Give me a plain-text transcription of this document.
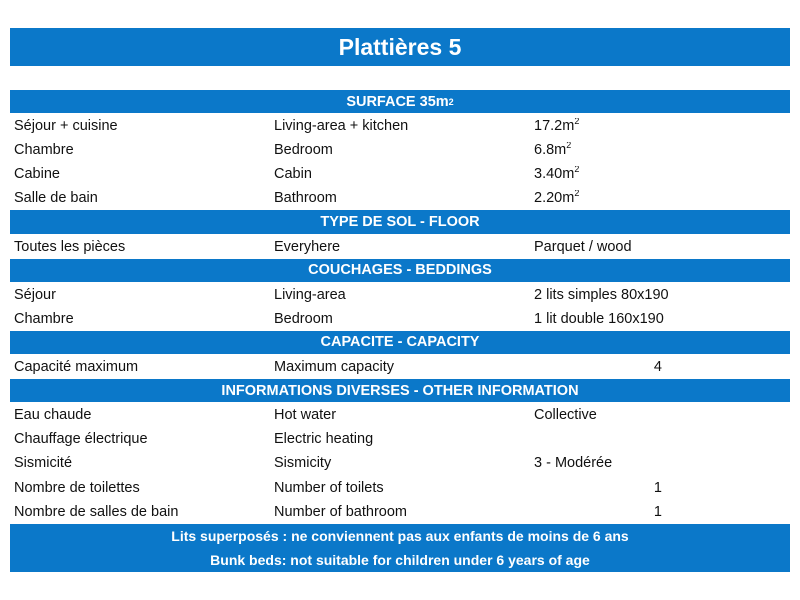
Plattières 5
SURFACE 35m 2
Séjour + cuisine	Living-area + kitchen	$17.2m^2$
Chambre	Bedroom	$6.8m^2$
Cabine	Cabin	$3.40m^2$
Salle de bain	Bathroom	$2.20m^2$
TYPE DE SOL - FLOOR
Toutes les pièces	Everyhere	Parquet / wood
COUCHAGES - BEDDINGS
Séjour	Living-area	2 lits simples 80x190
Chambre	Bedroom	1 lit double 160x190
CAPACITE - CAPACITY
Capacité maximum	Maximum capacity	4
INFORMATIONS DIVERSES - OTHER INFORMATION
Eau chaude	Hot water	Collective
Chauffage électrique	Electric heating
Sismicité	Sismicity	3 - Modérée
Nombre de toilettes	Number of toilets	1
Nombre de salles de bain	Number of bathroom	1
Lits superposés : ne conviennent pas aux enfants de moins de 6 ans
Bunk beds: not suitable for children under 6 years of age
